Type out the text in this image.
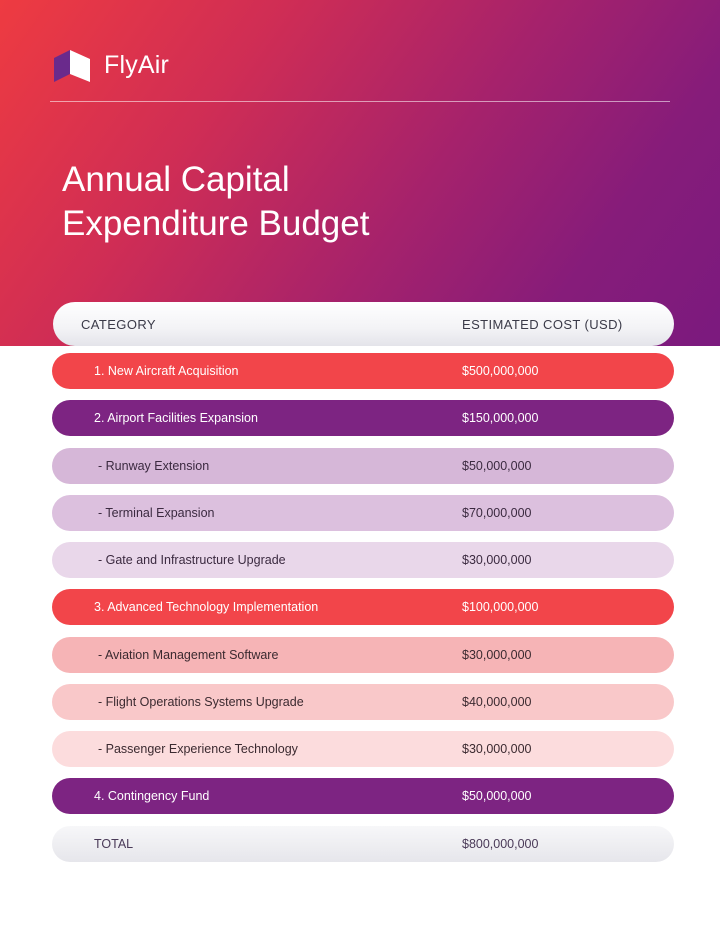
FlyAir
Annual Capital
Expenditure Budget
CATEGORY	ESTIMATED COST (USD)
1. New Aircraft Acquisition	$500,000,000
2. Airport Facilities Expansion	$150,000,000
- Runway Extension	$50,000,000
- Terminal Expansion	$70,000,000
- Gate and Infrastructure Upgrade	$30,000,000
3. Advanced Technology Implementation	$100,000,000
- Aviation Management Software	$30,000,000
- Flight Operations Systems Upgrade	$40,000,000
- Passenger Experience Technology	$30,000,000
4. Contingency Fund	$50,000,000
TOTAL	$800,000,000
